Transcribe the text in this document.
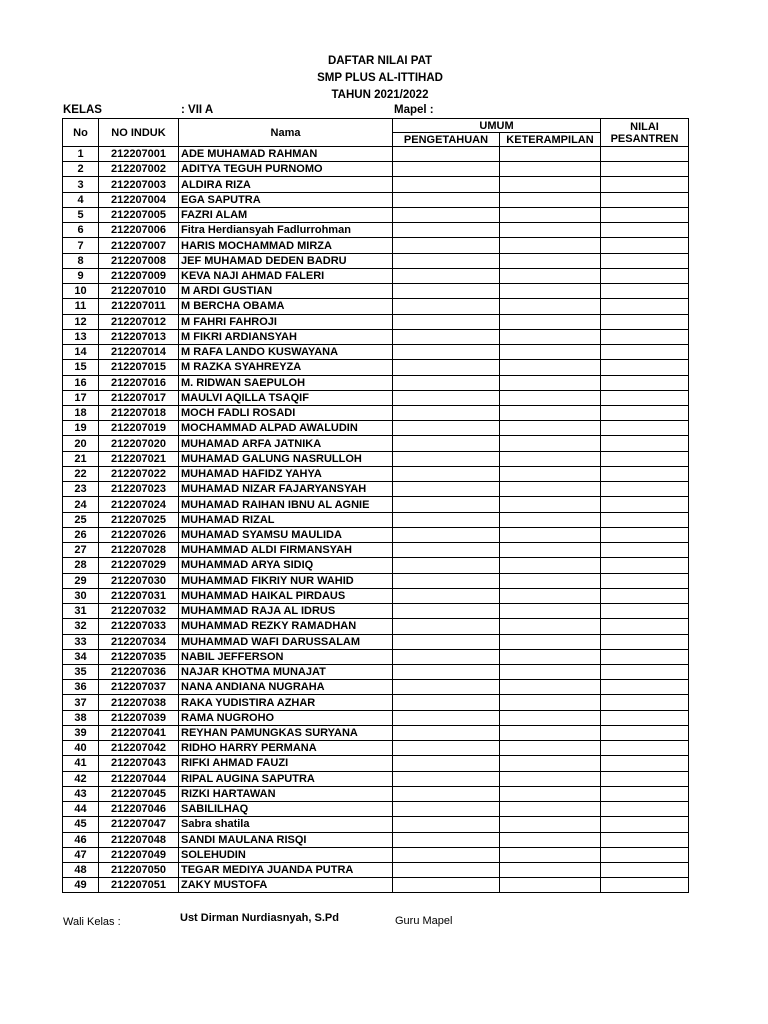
DAFTAR NILAI PAT
SMP PLUS AL-ITTIHAD
TAHUN 2021/2022
KELAS	: VII A	Mapel :
No	NO INDUK	Nama	UMUM		NILAI
PESANTREN

			PENGETAHUAN	KETERAMPILAN	
1	212207001	ADE MUHAMAD RAHMAN			
2	212207002	ADITYA TEGUH PURNOMO			
3	212207003	ALDIRA RIZA			
4	212207004	EGA SAPUTRA			
5	212207005	FAZRI ALAM			
6	212207006	Fitra Herdiansyah Fadlurrohman			
7	212207007	HARIS MOCHAMMAD MIRZA			
8	212207008	JEF MUHAMAD DEDEN BADRU			
9	212207009	KEVA NAJI AHMAD FALERI			
10	212207010	M ARDI GUSTIAN			
11	212207011	M BERCHA OBAMA			
12	212207012	M FAHRI FAHROJI			
13	212207013	M FIKRI ARDIANSYAH			
14	212207014	M RAFA LANDO KUSWAYANA			
15	212207015	M RAZKA SYAHREYZA			
16	212207016	M. RIDWAN SAEPULOH			
17	212207017	MAULVI AQILLA TSAQIF			
18	212207018	MOCH FADLI ROSADI			
19	212207019	MOCHAMMAD ALPAD AWALUDIN			
20	212207020	MUHAMAD ARFA JATNIKA			
21	212207021	MUHAMAD GALUNG NASRULLOH			
22	212207022	MUHAMAD HAFIDZ YAHYA			
23	212207023	MUHAMAD NIZAR FAJARYANSYAH			
24	212207024	MUHAMAD RAIHAN IBNU AL AGNIE			
25	212207025	MUHAMAD RIZAL			
26	212207026	MUHAMAD SYAMSU MAULIDA			
27	212207028	MUHAMMAD ALDI FIRMANSYAH			
28	212207029	MUHAMMAD ARYA SIDIQ			
29	212207030	MUHAMMAD FIKRIY NUR WAHID			
30	212207031	MUHAMMAD HAIKAL PIRDAUS			
31	212207032	MUHAMMAD RAJA AL IDRUS			
32	212207033	MUHAMMAD REZKY RAMADHAN			
33	212207034	MUHAMMAD WAFI DARUSSALAM			
34	212207035	NABIL JEFFERSON			
35	212207036	NAJAR KHOTMA MUNAJAT			
36	212207037	NANA ANDIANA NUGRAHA			
37	212207038	RAKA YUDISTIRA AZHAR			
38	212207039	RAMA NUGROHO			
39	212207041	REYHAN PAMUNGKAS SURYANA			
40	212207042	RIDHO HARRY PERMANA			
41	212207043	RIFKI AHMAD FAUZI			
42	212207044	RIPAL AUGINA SAPUTRA			
43	212207045	RIZKI HARTAWAN			
44	212207046	SABILILHAQ			
45	212207047	Sabra shatila			
46	212207048	SANDI MAULANA RISQI			
47	212207049	SOLEHUDIN			
48	212207050	TEGAR MEDIYA JUANDA PUTRA			
49	212207051	ZAKY MUSTOFA			
Wali Kelas :	Ust Dirman Nurdiasnyah, S.Pd	Guru Mapel
